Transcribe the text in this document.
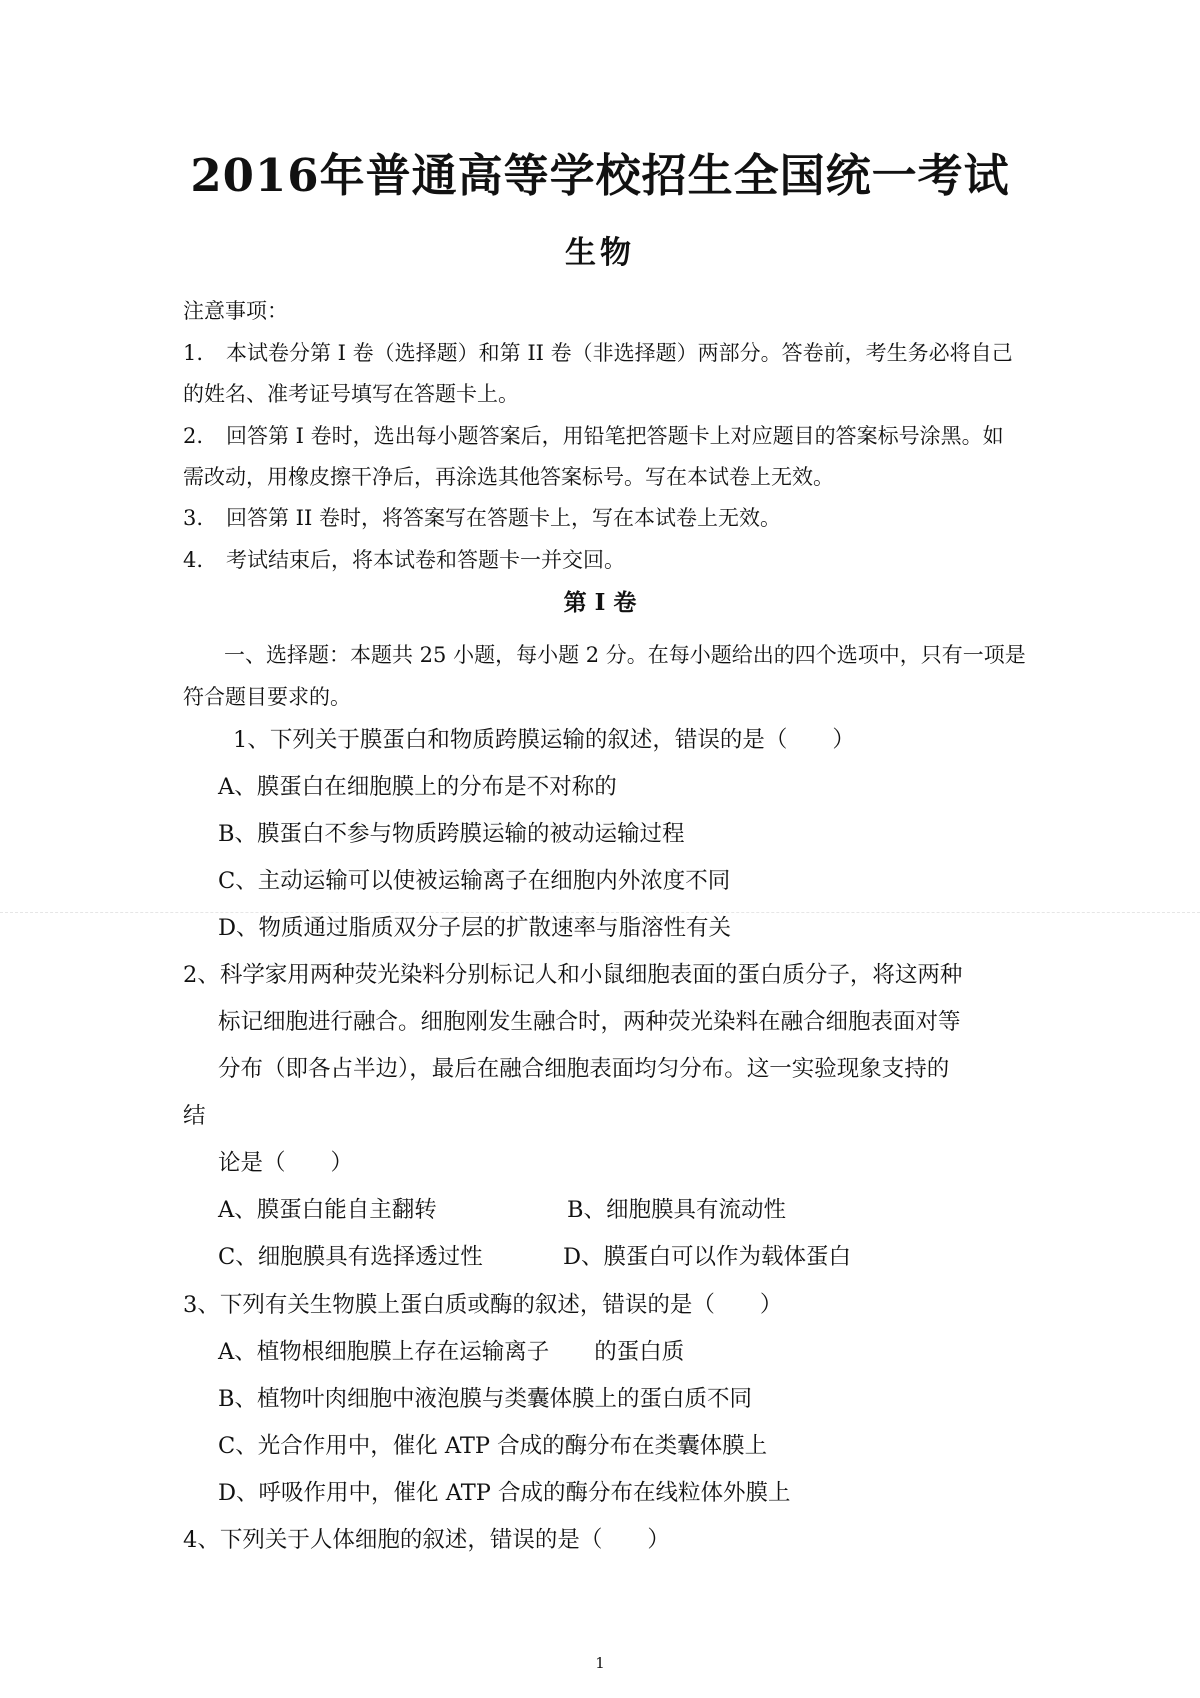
2016年普通高等学校招生全国统一考试
生物
注意事项：
1. 本试卷分第 I 卷（选择题）和第 II 卷（非选择题）两部分。答卷前，考生务必将自己
的姓名、准考证号填写在答题卡上。
2. 回答第 I 卷时，选出每小题答案后，用铅笔把答题卡上对应题目的答案标号涂黑。如
需改动，用橡皮擦干净后，再涂选其他答案标号。写在本试卷上无效。
3. 回答第 II 卷时，将答案写在答题卡上，写在本试卷上无效。
4. 考试结束后，将本试卷和答题卡一并交回。
第 I 卷
一、选择题：本题共 25 小题，每小题 2 分。在每小题给出的四个选项中，只有一项是
符合题目要求的。
1、下列关于膜蛋白和物质跨膜运输的叙述，错误的是（　　）
A、膜蛋白在细胞膜上的分布是不对称的
B、膜蛋白不参与物质跨膜运输的被动运输过程
C、主动运输可以使被运输离子在细胞内外浓度不同
D、物质通过脂质双分子层的扩散速率与脂溶性有关
2、科学家用两种荧光染料分别标记人和小鼠细胞表面的蛋白质分子，将这两种
标记细胞进行融合。细胞刚发生融合时，两种荧光染料在融合细胞表面对等
分布（即各占半边），最后在融合细胞表面均匀分布。这一实验现象支持的
结
论是（　　）
A、膜蛋白能自主翻转	B、细胞膜具有流动性
C、细胞膜具有选择透过性	D、膜蛋白可以作为载体蛋白
3、下列有关生物膜上蛋白质或酶的叙述，错误的是（　　）
A、植物根细胞膜上存在运输离子　　的蛋白质
B、植物叶肉细胞中液泡膜与类囊体膜上的蛋白质不同
C、光合作用中，催化 ATP 合成的酶分布在类囊体膜上
D、呼吸作用中，催化 ATP 合成的酶分布在线粒体外膜上
4、下列关于人体细胞的叙述，错误的是（　　）
1
